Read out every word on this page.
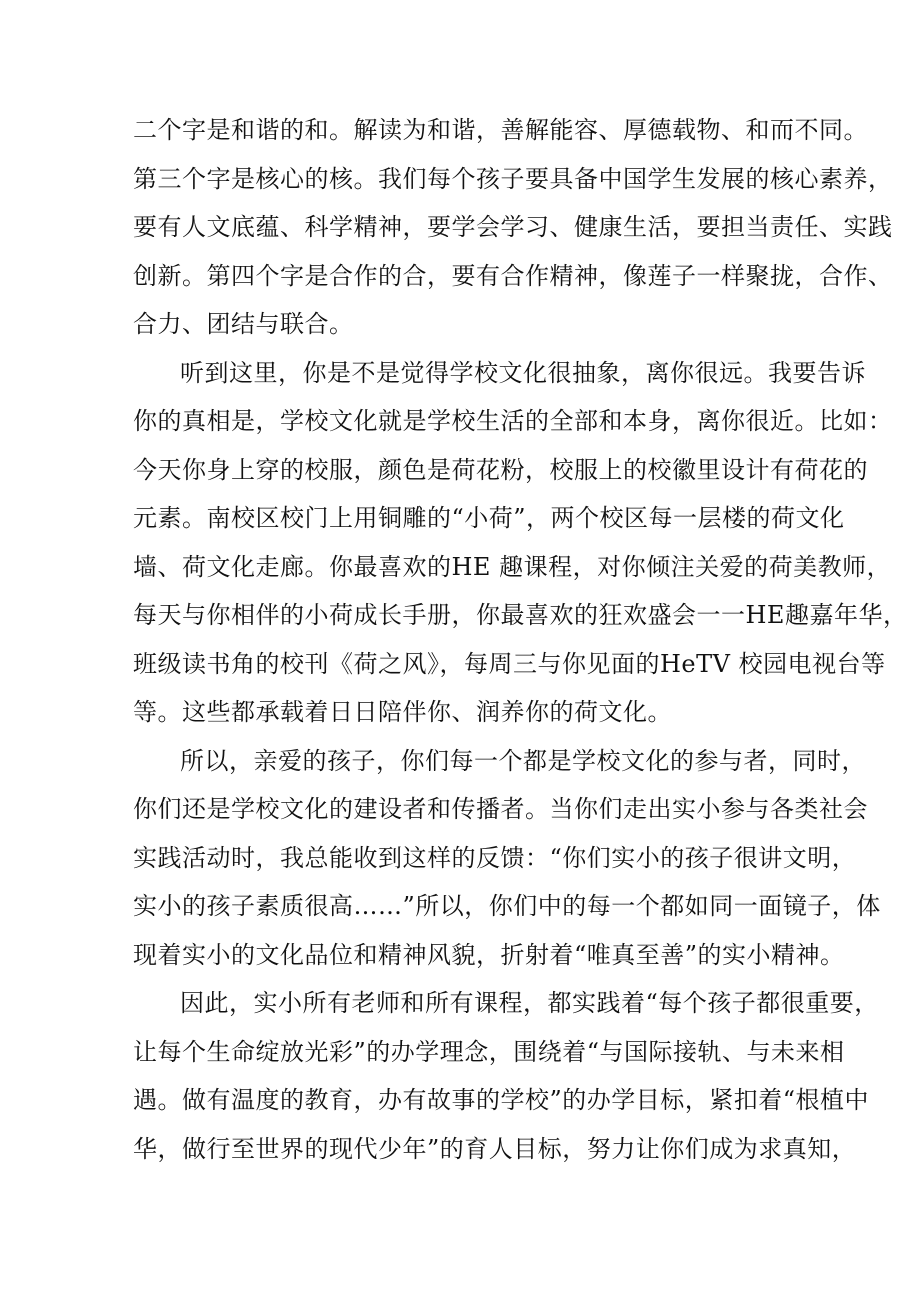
二个字是和谐的和。解读为和谐，善解能容、厚德载物、和而不同。
第三个字是核心的核。我们每个孩子要具备中国学生发展的核心素养，
要有人文底蕴、科学精神，要学会学习、健康生活，要担当责任、实践
创新。第四个字是合作的合，要有合作精神，像莲子一样聚拢，合作、
合力、团结与联合。
听到这里，你是不是觉得学校文化很抽象，离你很远。我要告诉
你的真相是，学校文化就是学校生活的全部和本身，离你很近。比如：
今天你身上穿的校服，颜色是荷花粉，校服上的校徽里设计有荷花的
元素。南校区校门上用铜雕的“小荷”，两个校区每一层楼的荷文化
墙、荷文化走廊。你最喜欢的HE 趣课程，对你倾注关爱的荷美教师，
每天与你相伴的小荷成长手册，你最喜欢的狂欢盛会一一HE趣嘉年华，
班级读书角的校刊《荷之风》，每周三与你见面的HeTV 校园电视台等
等。这些都承载着日日陪伴你、润养你的荷文化。
所以，亲爱的孩子，你们每一个都是学校文化的参与者，同时，
你们还是学校文化的建设者和传播者。当你们走出实小参与各类社会
实践活动时，我总能收到这样的反馈：“你们实小的孩子很讲文明，
实小的孩子素质很高……”所以，你们中的每一个都如同一面镜子，体
现着实小的文化品位和精神风貌，折射着“唯真至善”的实小精神。
因此，实小所有老师和所有课程，都实践着“每个孩子都很重要，
让每个生命绽放光彩”的办学理念，围绕着“与国际接轨、与未来相
遇。做有温度的教育，办有故事的学校”的办学目标，紧扣着“根植中
华，做行至世界的现代少年”的育人目标，努力让你们成为求真知，
